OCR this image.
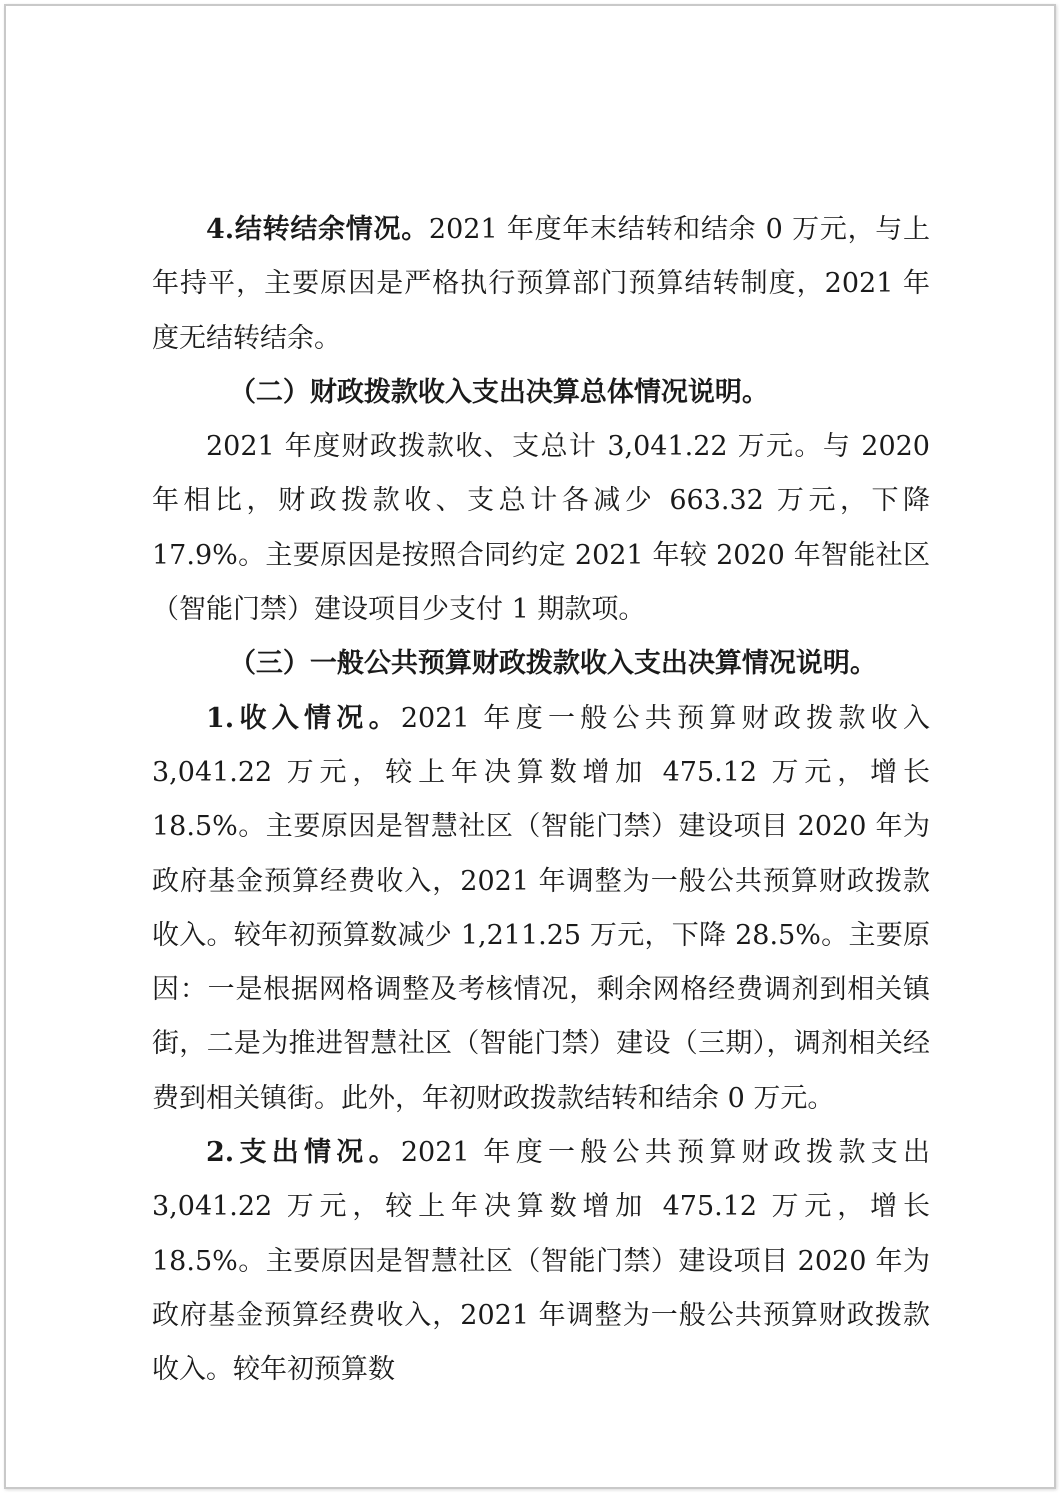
4.结转结余情况。2021 年度年末结转和结余 0 万元，与上年持平，主要原因是严格执行预算部门预算结转制度，2021 年度无结转结余。

（二）财政拨款收入支出决算总体情况说明。

2021 年度财政拨款收、支总计 3,041.22 万元。与 2020 年相比，财政拨款收、支总计各减少 663.32 万元，下降 17.9%。主要原因是按照合同约定 2021 年较 2020 年智能社区（智能门禁）建设项目少支付 1 期款项。

（三）一般公共预算财政拨款收入支出决算情况说明。

1.收入情况。2021 年度一般公共预算财政拨款收入 3,041.22 万元，较上年决算数增加 475.12 万元，增长 18.5%。主要原因是智慧社区（智能门禁）建设项目 2020 年为政府基金预算经费收入，2021 年调整为一般公共预算财政拨款收入。较年初预算数减少 1,211.25 万元，下降 28.5%。主要原因：一是根据网格调整及考核情况，剩余网格经费调剂到相关镇街，二是为推进智慧社区（智能门禁）建设（三期），调剂相关经费到相关镇街。此外，年初财政拨款结转和结余 0 万元。

2.支出情况。2021 年度一般公共预算财政拨款支出 3,041.22 万元，较上年决算数增加 475.12 万元，增长 18.5%。主要原因是智慧社区（智能门禁）建设项目 2020 年为政府基金预算经费收入，2021 年调整为一般公共预算财政拨款收入。较年初预算数
